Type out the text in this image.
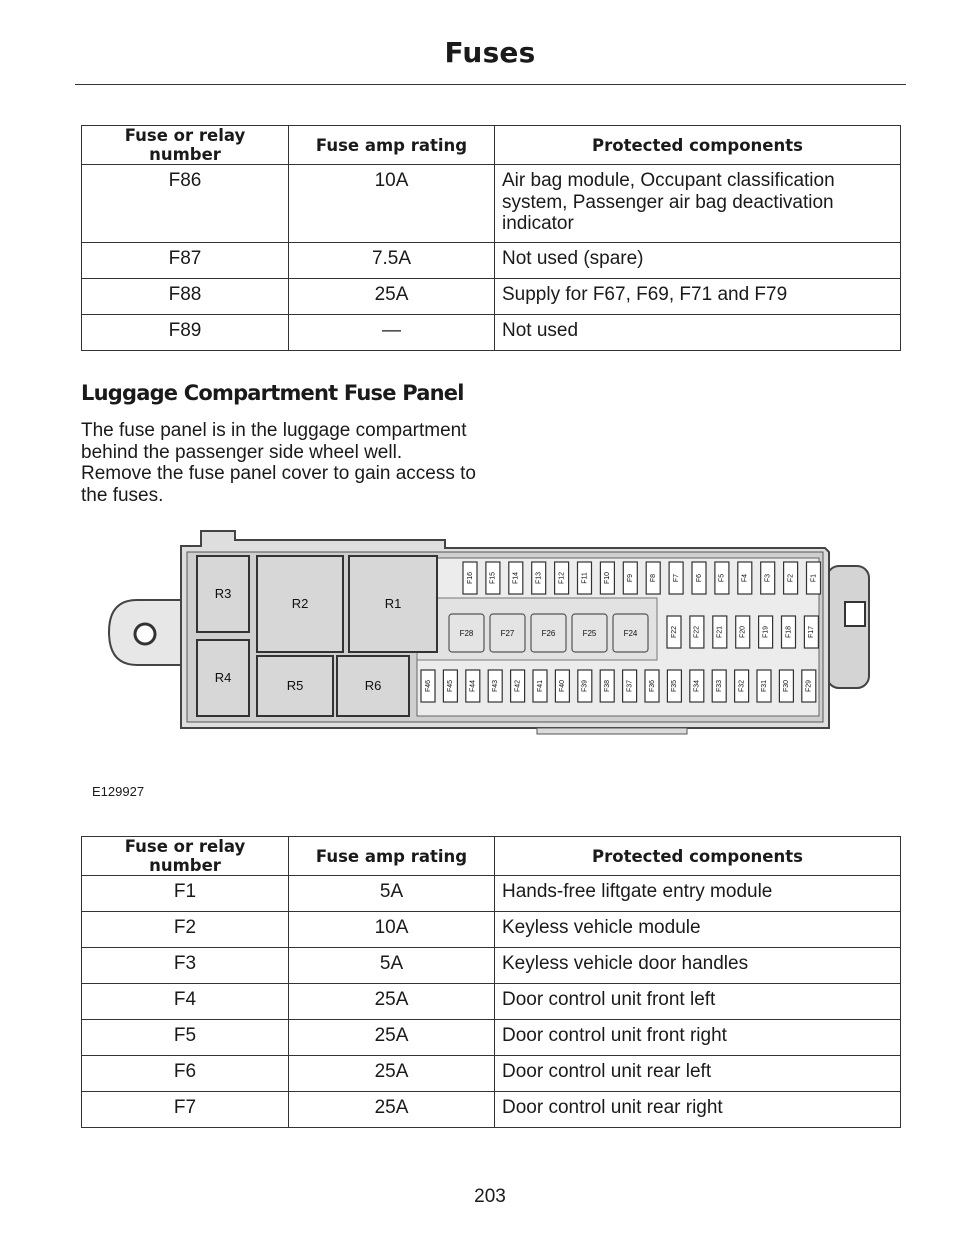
Fuses
Fuse or relay number	Fuse amp rating	Protected components
F86	10A	Air bag module, Occupant classification system, Passenger air bag deactivation indicator
F87	7.5A	Not used (spare)
F88	25A	Supply for F67, F69, F71 and F79
F89	—	Not used
Luggage Compartment Fuse Panel

The fuse panel is in the luggage compartment behind the passenger side wheel well. Remove the fuse panel cover to gain access to the fuses.

R3
R2	R1
R4
R5	R6
F16 F15 F14 F13 F12 F11 F10 F9 F8 F7 F6 F5 F4 F3 F2 F1
F28	F27	F26	F25	F24	F22 F22 F21 F20 F19 F18 F17
F46 F45 F44 F43 F42 F41 F40 F39 F38 F37 F36 F35 F34 F33 F32 F31 F30 F29
E129927
Fuse or relay number	Fuse amp rating	Protected components
F1	5A	Hands-free liftgate entry module
F2	10A	Keyless vehicle module
F3	5A	Keyless vehicle door handles
F4	25A	Door control unit front left
F5	25A	Door control unit front right
F6	25A	Door control unit rear left
F7	25A	Door control unit rear right
203
